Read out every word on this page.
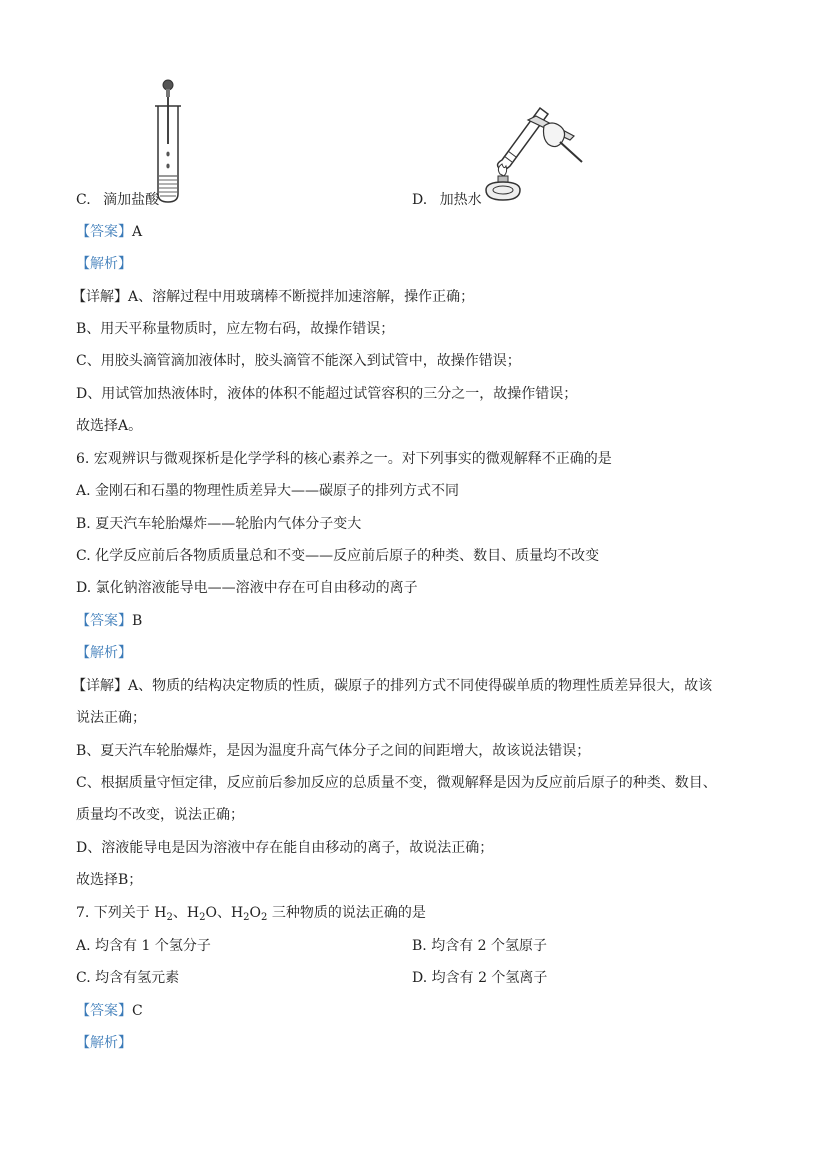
C. 滴加盐酸	D. 加热水
【答案】A
【解析】
【详解】A、溶解过程中用玻璃棒不断搅拌加速溶解，操作正确；
B、用天平称量物质时，应左物右码，故操作错误；
C、用胶头滴管滴加液体时，胶头滴管不能深入到试管中，故操作错误；
D、用试管加热液体时，液体的体积不能超过试管容积的三分之一，故操作错误；
故选择A。
6. 宏观辨识与微观探析是化学学科的核心素养之一。对下列事实的微观解释不正确的是
A. 金刚石和石墨的物理性质差异大——碳原子的排列方式不同
B. 夏天汽车轮胎爆炸——轮胎内气体分子变大
C. 化学反应前后各物质质量总和不变——反应前后原子的种类、数目、质量均不改变
D. 氯化钠溶液能导电——溶液中存在可自由移动的离子
【答案】B
【解析】
【详解】A、物质的结构决定物质的性质，碳原子的排列方式不同使得碳单质的物理性质差异很大，故该
说法正确；
B、夏天汽车轮胎爆炸，是因为温度升高气体分子之间的间距增大，故该说法错误；
C、根据质量守恒定律，反应前后参加反应的总质量不变，微观解释是因为反应前后原子的种类、数目、
质量均不改变，说法正确；
D、溶液能导电是因为溶液中存在能自由移动的离子，故说法正确；
故选择B；
7. 下列关于 $H_2$、$H_2O$、$H_2O_2$ 三种物质的说法正确的是
A. 均含有 1 个氢分子	B. 均含有 2 个氢原子
C. 均含有氢元素	D. 均含有 2 个氢离子
【答案】C
【解析】
